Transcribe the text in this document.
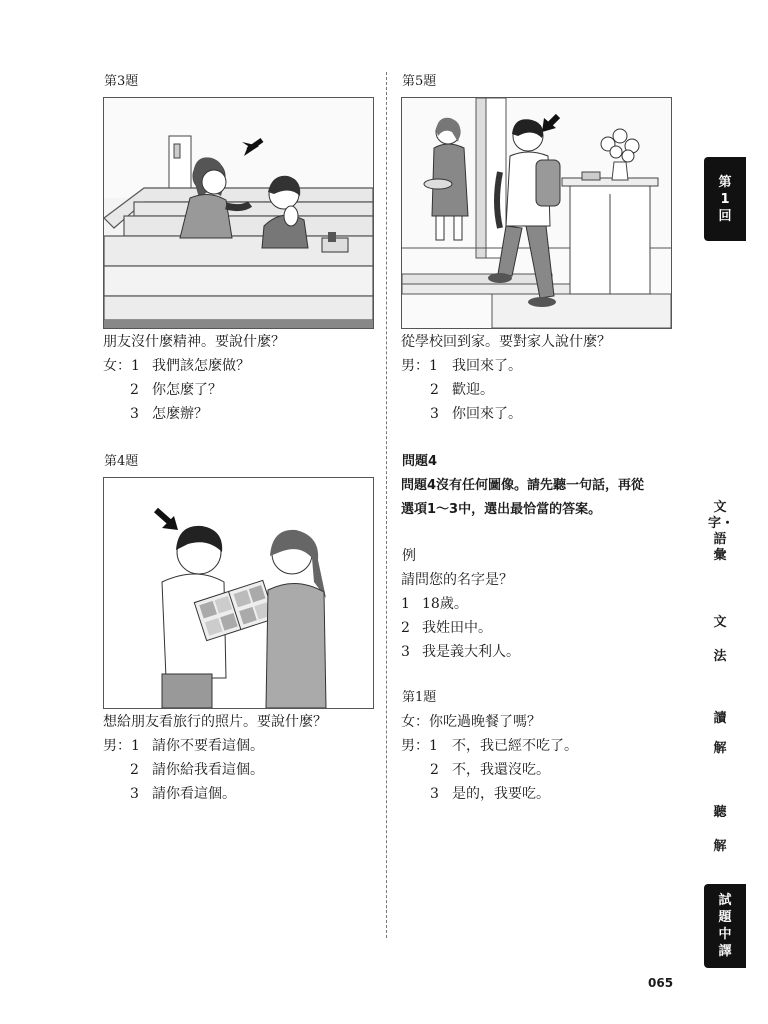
第3題
朋友沒什麼精神。要說什麼？
女：1 我們該怎麼做？
2 你怎麼了？
3 怎麼辦？
第4題
想給朋友看旅行的照片。要說什麼？
男：1 請你不要看這個。
2 請你給我看這個。
3 請你看這個。
第5題
從學校回到家。要對家人說什麼？
男：1 我回來了。
2 歡迎。
3 你回來了。
問題4
問題4沒有任何圖像。請先聽一句話，再從
選項1～3中，選出最恰當的答案。
例
請問您的名字是？
1 18歲。
2 我姓田中。
3 我是義大利人。
第1題
女：你吃過晚餐了嗎？
男：1 不，我已經不吃了。
2 不，我還沒吃。
3 是的，我要吃。
第
1
回
文字・語彙
文法
讀解
聽解
試
題
中
譯
065
